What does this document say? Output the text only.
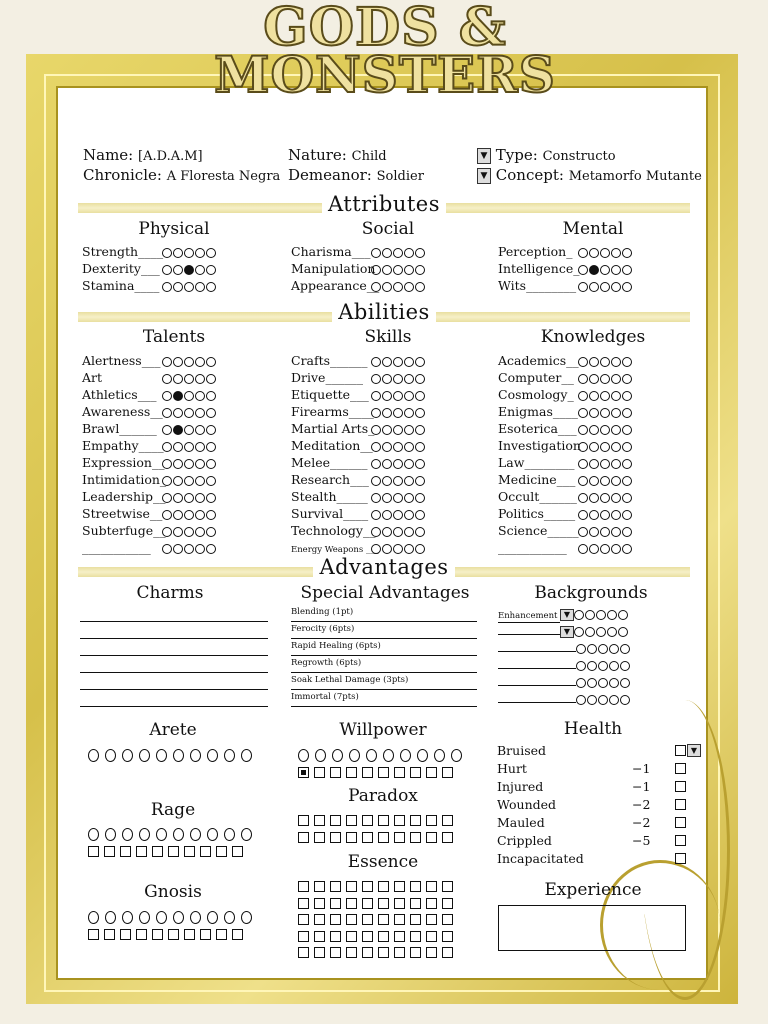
GODS &
MONSTERS
Name: [A.D.A.M]
Chronicle: A Floresta Negra
Nature: Child
Demeanor: Soldier
▼ Type: Constructo
▼ Concept: Metamorfo Mutante
Attributes
Physical	Social	Mental
Strength____
Dexterity___
Stamina____
Charisma___
Manipulation
Appearance__
Perception_
Intelligence_
Wits________
Abilities
Talents	Skills	Knowledges
Alertness___
Art
Athletics___
Awareness__
Brawl______
Empathy____
Expression__
Intimidation_
Leadership__
Streetwise__
Subterfuge__
___________
Crafts______
Drive______
Etiquette___
Firearms____
Martial Arts_
Meditation__
Melee______
Research___
Stealth_____
Survival____
Technology__
Energy Weapons ___
Academics__
Computer__
Cosmology_
Enigmas____
Esoterica___
Investigation
Law________
Medicine___
Occult______
Politics_____
Science_____
___________
Advantages
Charms	Special Advantages	Backgrounds
Blending (1pt)
Ferocity (6pts)
Rapid Healing (6pts)
Regrowth (6pts)
Soak Lethal Damage (3pts)
Immortal (7pts)
Enhancement ▼
▼
Arete
Rage
Gnosis
Willpower
Paradox
Essence
Health
▼
Bruised
Hurt	−1
Injured	−1
Wounded	−2
Mauled	−2
Crippled	−5
Incapacitated
Experience
